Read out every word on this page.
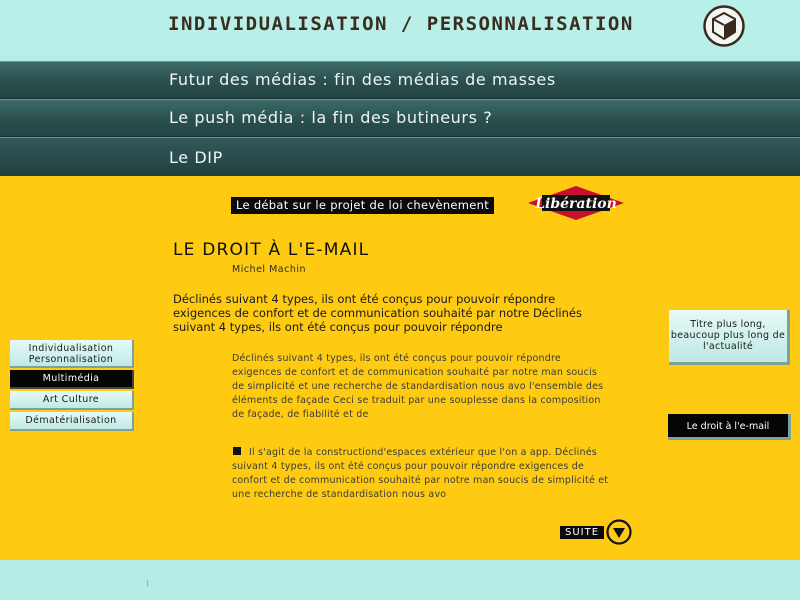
INDIVIDUALISATION / PERSONNALISATION
Futur des médias : fin des médias de masses
Le push média : la fin des butineurs ?
Le DIP
Le débat sur le projet de loi chevènement	Libération
LE DROIT À L'E-MAIL
Michel Machin
Déclinés suivant 4 types, ils ont été conçus pour pouvoir répondre exigences de confort et de communication souhaité par notre Déclinés suivant 4 types, ils ont été conçus pour pouvoir répondre
Déclinés suivant 4 types, ils ont été conçus pour pouvoir répondre exigences de confort et de communication souhaité par notre man soucis de simplicité et une recherche de standardisation nous avo l'ensemble des éléments de façade Ceci se traduit par une souplesse dans la composition de façade, de fiabilité et de
Il s'agit de la constructiond'espaces extérieur que l'on a app. Déclinés suivant 4 types, ils ont été conçus pour pouvoir répondre exigences de confort et de communication souhaité par notre man soucis de simplicité et une recherche de standardisation nous avo
SUITE
Individualisation Personnalisation
Multimédia
Art Culture
Dématérialisation
Titre plus long, beaucoup plus long de l'actualité
Le droit à l'e-mail
